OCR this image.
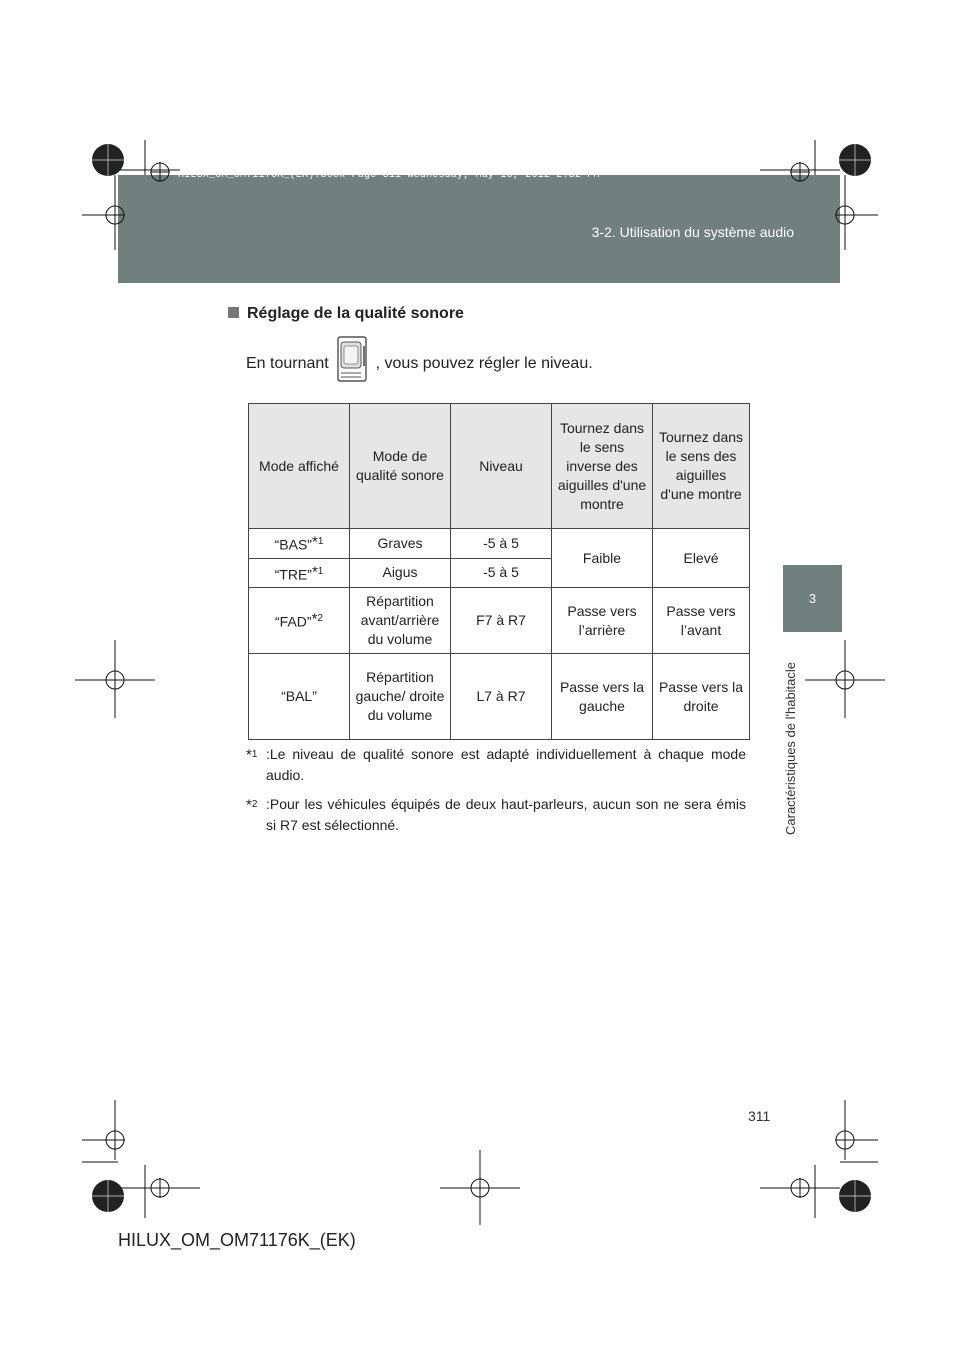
3-2. Utilisation du système audio
HILUX_OM_OM71176K_(EK).book Page 311 Wednesday, May 16, 2012 2:32 PM
3
Caractéristiques de l'habitacle
Réglage de la qualité sonore
En tournant	, vous pouvez régler le niveau.
Mode affiché	Mode de qualité sonore	Niveau	Tournez dans le sens inverse des aiguilles d'une montre	Tournez dans le sens des aiguilles d'une montre
“BAS”*$^1$	Graves	-5 à 5	Faible	Elevé
“TRE”*$^1$	Aigus	-5 à 5		
“FAD”*$^2$	Répartition avant/arrière du volume	F7 à R7	Passe vers l’arrière	Passe vers l’avant
“BAL”	Répartition gauche/ droite du volume	L7 à R7	Passe vers la gauche	Passe vers la droite
*$^1$ :Le niveau de qualité sonore est adapté individuellement à chaque mode audio.
*$^2$ :Pour les véhicules équipés de deux haut-parleurs, aucun son ne sera émis si R7 est sélectionné.
311
HILUX_OM_OM71176K_(EK)
